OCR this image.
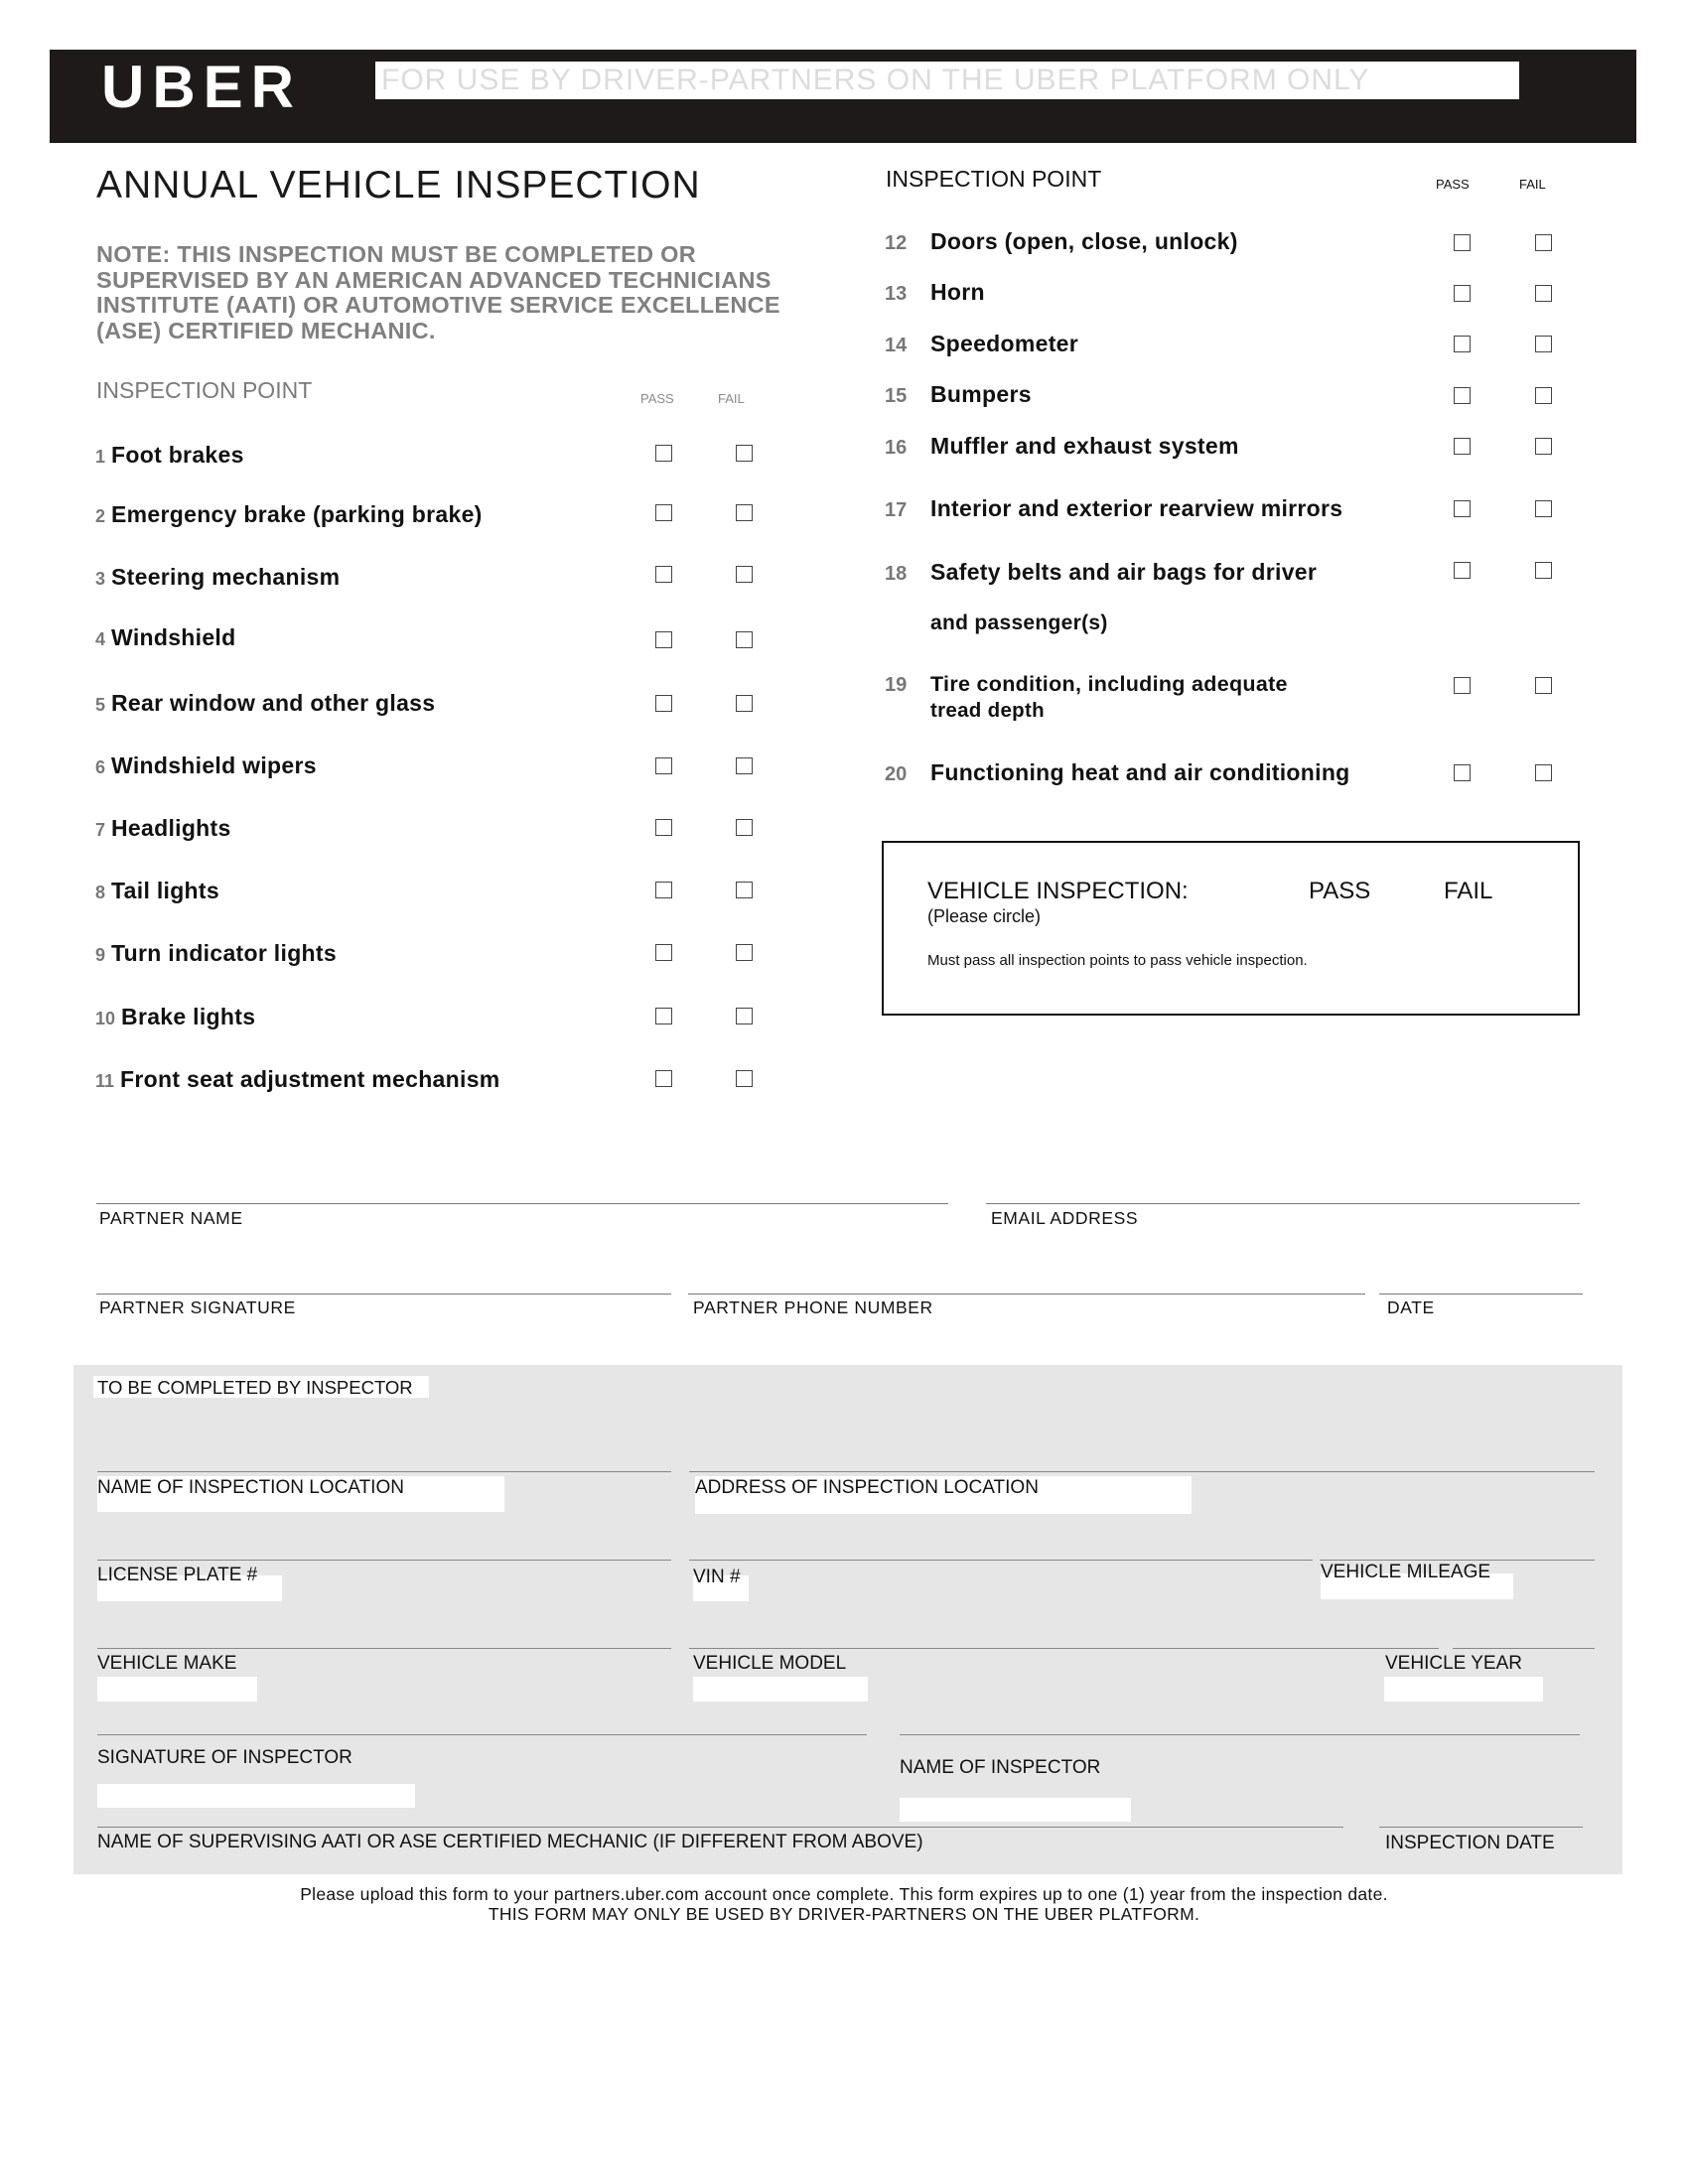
UBER	FOR USE BY DRIVER-PARTNERS ON THE UBER PLATFORM ONLY
ANNUAL VEHICLE INSPECTION
NOTE: THIS INSPECTION MUST BE COMPLETED OR SUPERVISED BY AN AMERICAN ADVANCED TECHNICIANS INSTITUTE (AATI) OR AUTOMOTIVE SERVICE EXCELLENCE (ASE) CERTIFIED MECHANIC.
INSPECTION POINT	PASS	FAIL
1 Foot brakes
2 Emergency brake (parking brake)
3 Steering mechanism
4 Windshield
5 Rear window and other glass
6 Windshield wipers
7 Headlights
8 Tail lights
9 Turn indicator lights
10 Brake lights
11 Front seat adjustment mechanism
INSPECTION POINT	PASS	FAIL
12 Doors (open, close, unlock)
13 Horn
14 Speedometer
15 Bumpers
16 Muffler and exhaust system
17 Interior and exterior rearview mirrors
18 Safety belts and air bags for driver
and passenger(s)
19 Tire condition, including adequate
tread depth
20 Functioning heat and air conditioning
VEHICLE INSPECTION:	PASS	FAIL
(Please circle)
Must pass all inspection points to pass vehicle inspection.
PARTNER NAME	EMAIL ADDRESS
PARTNER SIGNATURE	PARTNER PHONE NUMBER	DATE
TO BE COMPLETED BY INSPECTOR
NAME OF INSPECTION LOCATION	ADDRESS OF INSPECTION LOCATION
LICENSE PLATE #	VIN #	VEHICLE MILEAGE
VEHICLE MAKE	VEHICLE MODEL	VEHICLE YEAR
SIGNATURE OF INSPECTOR	NAME OF INSPECTOR
NAME OF SUPERVISING AATI OR ASE CERTIFIED MECHANIC (IF DIFFERENT FROM ABOVE)	INSPECTION DATE
Please upload this form to your partners.uber.com account once complete. This form expires up to one (1) year from the inspection date.
THIS FORM MAY ONLY BE USED BY DRIVER-PARTNERS ON THE UBER PLATFORM.
